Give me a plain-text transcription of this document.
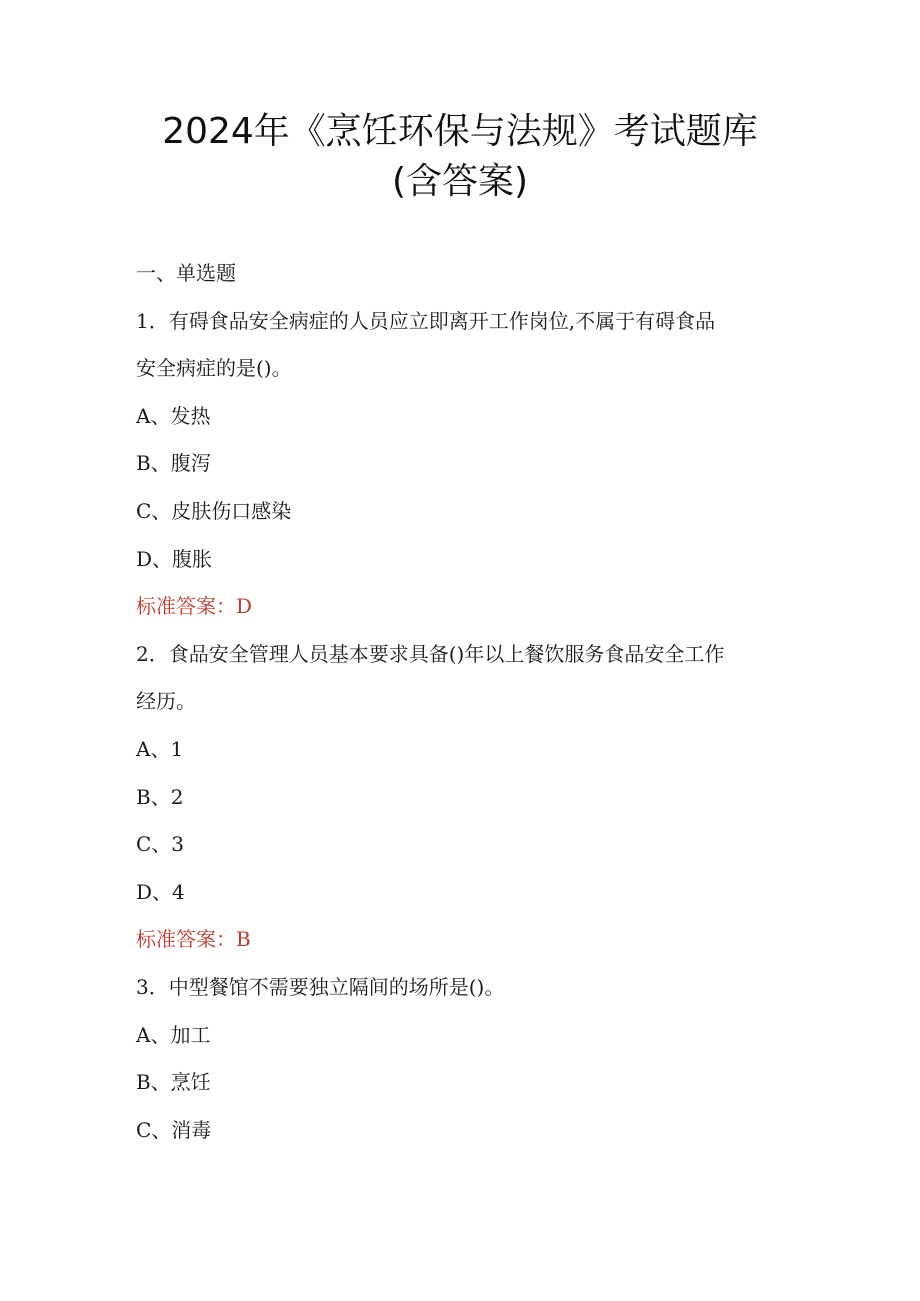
2024年《烹饪环保与法规》考试题库
(含答案)
一、单选题
1．有碍食品安全病症的人员应立即离开工作岗位,不属于有碍食品
安全病症的是()。
A、发热
B、腹泻
C、皮肤伤口感染
D、腹胀
标准答案：D
2．食品安全管理人员基本要求具备()年以上餐饮服务食品安全工作
经历。
A、1
B、2
C、3
D、4
标准答案：B
3．中型餐馆不需要独立隔间的场所是()。
A、加工
B、烹饪
C、消毒
